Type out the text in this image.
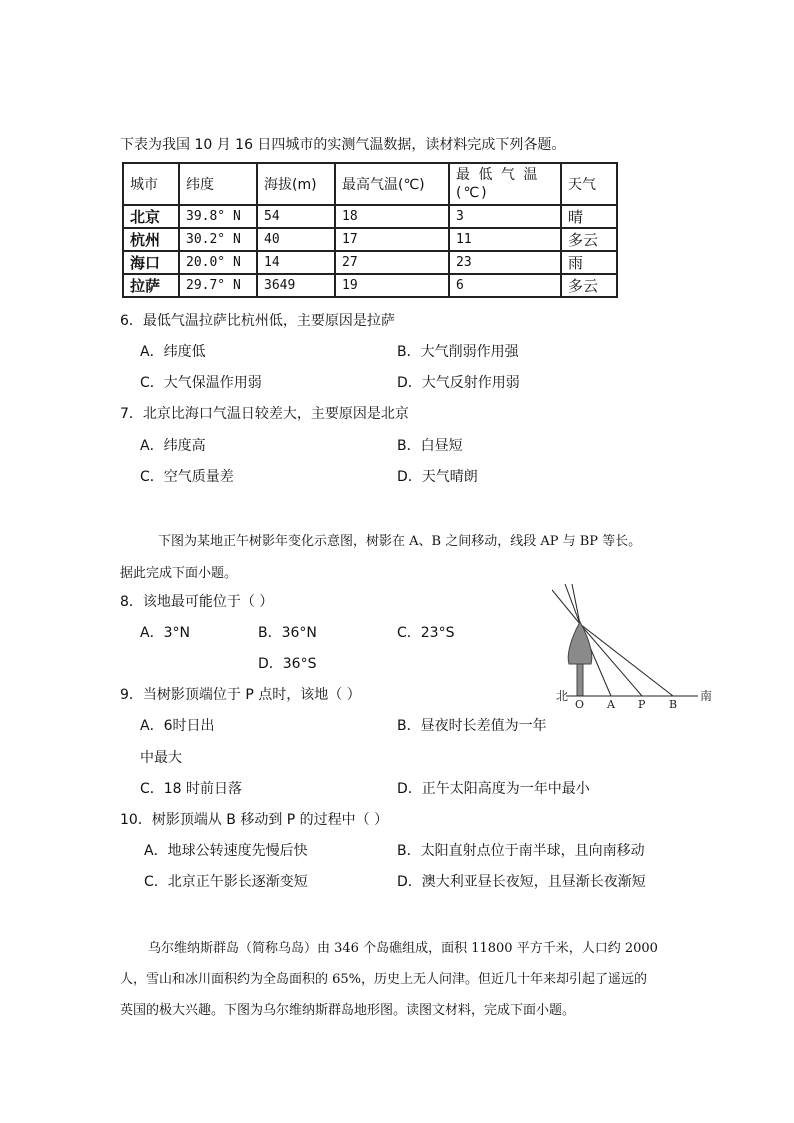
下表为我国 10 月 16 日四城市的实测气温数据，读材料完成下列各题。
城市	纬度	海拔(m)	最高气温(℃)	最 低 气 温 (℃)	天气
北京	39.8° N	54	18	3	晴
杭州	30.2° N	40	17	11	多云
海口	20.0° N	14	27	23	雨
拉萨	29.7° N	3649	19	6	多云
6．最低气温拉萨比杭州低，主要原因是拉萨
A．纬度低	B．大气削弱作用强
C．大气保温作用弱	D．大气反射作用弱
7．北京比海口气温日较差大，主要原因是北京
A．纬度高	B．白昼短
C．空气质量差	D．天气晴朗
下图为某地正午树影年变化示意图，树影在 A、B 之间移动，线段 AP 与 BP 等长。
据此完成下面小题。
8．该地最可能位于（ ）
A．3°N	B．36°N	C．23°S
D．36°S
北	南
O A P B
9．当树影顶端位于 P 点时，该地（ ）
A．6时日出	B．昼夜时长差值为一年
中最大
C．18 时前日落	D．正午太阳高度为一年中最小
10．树影顶端从 B 移动到 P 的过程中（ ）
A．地球公转速度先慢后快	B．太阳直射点位于南半球，且向南移动
C．北京正午影长逐渐变短	D．澳大利亚昼长夜短，且昼渐长夜渐短
乌尔维纳斯群岛（简称乌岛）由 346 个岛礁组成，面积 11800 平方千米，人口约 2000
人，雪山和冰川面积约为全岛面积的 65%，历史上无人问津。但近几十年来却引起了遥远的
英国的极大兴趣。下图为乌尔维纳斯群岛地形图。读图文材料，完成下面小题。
